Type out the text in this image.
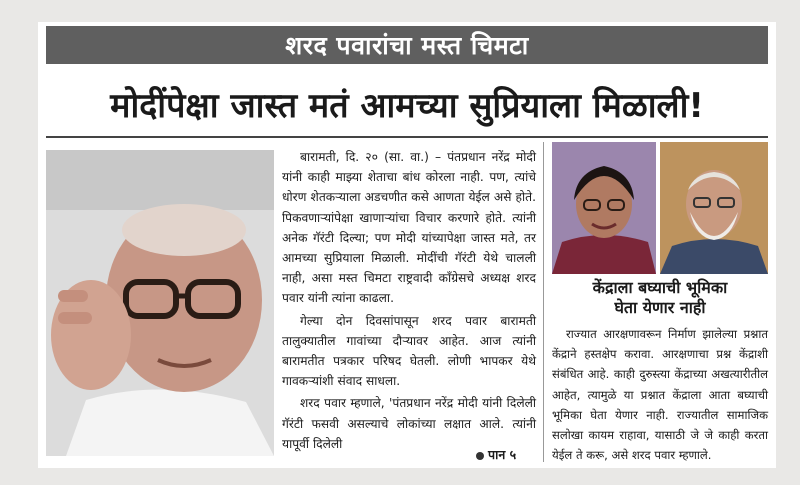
शरद पवारांचा मस्त चिमटा
मोदींपेक्षा जास्त मतं आमच्या सुप्रियाला मिळाली!

बारामती, दि. २० (सा. वा.) – पंतप्रधान नरेंद्र मोदी यांनी काही माझ्या शेताचा बांध कोरला नाही. पण, त्यांचे धोरण शेतकऱ्याला अडचणीत कसे आणता येईल असे होते. पिकवणाऱ्यांपेक्षा खाणाऱ्यांचा विचार करणारे होते. त्यांनी अनेक गॅरंटी दिल्या; पण मोदी यांच्यापेक्षा जास्त मते, तर आमच्या सुप्रियाला मिळाली. मोदींची गॅरंटी येथे चालली नाही, असा मस्त चिमटा राष्ट्रवादी काँग्रेसचे अध्यक्ष शरद पवार यांनी त्यांना काढला.

गेल्या दोन दिवसांपासून शरद पवार बारामती तालुक्यातील गावांच्या दौऱ्यावर आहेत. आज त्यांनी बारामतीत पत्रकार परिषद घेतली. लोणी भापकर येथे गावकऱ्यांशी संवाद साधला.

शरद पवार म्हणाले, 'पंतप्रधान नरेंद्र मोदी यांनी दिलेली गॅरंटी फसवी असल्याचे लोकांच्या लक्षात आले. त्यांनी यापूर्वी दिलेली

पान ५
केंद्राला बघ्याची भूमिका
घेता येणार नाही

राज्यात आरक्षणावरून निर्माण झालेल्या प्रश्नात केंद्राने हस्तक्षेप करावा. आरक्षणाचा प्रश्न केंद्राशी संबंधित आहे. काही दुरुस्त्या केंद्राच्या अखत्यारीतील आहेत, त्यामुळे या प्रश्नात केंद्राला आता बघ्याची भूमिका घेता येणार नाही. राज्यातील सामाजिक सलोखा कायम राहावा, यासाठी जे जे काही करता येईल ते करू, असे शरद पवार म्हणाले.
